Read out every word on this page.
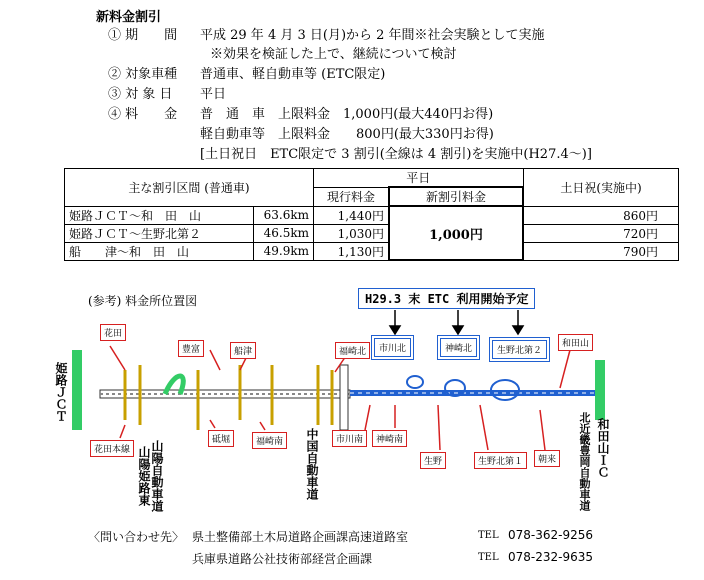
新料金割引
① 期　　間 平成 29 年 4 月 3 日(月)から 2 年間※社会実験として実施
※効果を検証した上で、継続について検討
② 対象車種 普通車、軽自動車等 (ETC限定)
③ 対 象 日 平日
④ 料　　金 普　通　車　上限料金　1,000円(最大440円お得)
軽自動車等　上限料金　　800円(最大330円お得)
[土日祝日　ETC限定で 3 割引(全線は 4 割引)を実施中(H27.4～)]
主な割引区間 (普通車)		平日		土日祝(実施中)
		現行料金	新割引料金	
姫路ＪＣＴ～和　田　山	63.6km	1,440円	1,000円	860円
姫路ＪＣＴ～生野北第２	46.5km	1,030円		720円
船　　津～和　田　山	49.9km	1,130円		790円
(参考) 料金所位置図	H29.3 末 ETC 利用開始予定
市川北	神崎北	生野北第２
花田
豊富	船津	福崎北
和田山
花田本線
砥堀	福崎南	市川南	神崎南
生野	生野北第１	朝来
姫路ＪＣＴ
山陽自動車道
山陽姫路東	中国自動車道	北近畿豊岡自動車道 和田山ＩＣ
〈問い合わせ先〉 県土整備部土木局道路企画課高速道路室	TEL 078-362-9256
兵庫県道路公社技術部経営企画課	TEL 078-232-9635
